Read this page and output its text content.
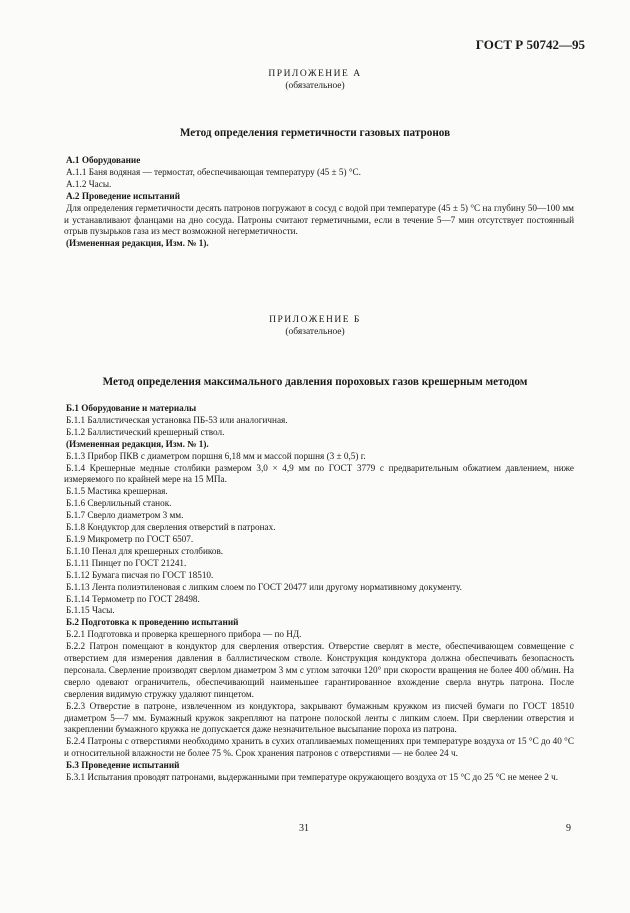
ГОСТ Р 50742—95
ПРИЛОЖЕНИЕ А
(обязательное)
Метод определения герметичности газовых патронов

А.1 Оборудование

А.1.1 Баня водяная — термостат, обеспечивающая температуру (45 ± 5) °С.

А.1.2 Часы.

А.2 Проведение испытаний

Для определения герметичности десять патронов погружают в сосуд с водой при температуре (45 ± 5) °С на глубину 50—100 мм и устанавливают фланцами на дно сосуда. Патроны считают герметичными, если в течение 5—7 мин отсутствует постоянный отрыв пузырьков газа из мест возможной негерметичности.

(Измененная редакция, Изм. № 1).

ПРИЛОЖЕНИЕ Б
(обязательное)
Метод определения максимального давления пороховых газов крешерным методом

Б.1 Оборудование и материалы

Б.1.1 Баллистическая установка ПБ-53 или аналогичная.

Б.1.2 Баллистический крешерный ствол.

(Измененная редакция, Изм. № 1).

Б.1.3 Прибор ПКВ с диаметром поршня 6,18 мм и массой поршня (3 ± 0,5) г.

Б.1.4 Крешерные медные столбики размером 3,0 × 4,9 мм по ГОСТ 3779 с предварительным обжатием давлением, ниже измеряемого по крайней мере на 15 МПа.

Б.1.5 Мастика крешерная.

Б.1.6 Сверлильный станок.

Б.1.7 Сверло диаметром 3 мм.

Б.1.8 Кондуктор для сверления отверстий в патронах.

Б.1.9 Микрометр по ГОСТ 6507.

Б.1.10 Пенал для крешерных столбиков.

Б.1.11 Пинцет по ГОСТ 21241.

Б.1.12 Бумага писчая по ГОСТ 18510.

Б.1.13 Лента полиэтиленовая с липким слоем по ГОСТ 20477 или другому нормативному документу.

Б.1.14 Термометр по ГОСТ 28498.

Б.1.15 Часы.

Б.2 Подготовка к проведению испытаний

Б.2.1 Подготовка и проверка крешерного прибора — по НД.

Б.2.2 Патрон помещают в кондуктор для сверления отверстия. Отверстие сверлят в месте, обеспечивающем совмещение с отверстием для измерения давления в баллистическом стволе. Конструкция кондуктора должна обеспечивать безопасность персонала. Сверление производят сверлом диаметром 3 мм с углом заточки 120° при скорости вращения не более 400 об/мин. На сверло одевают ограничитель, обеспечивающий наименьшее гарантированное вхождение сверла внутрь патрона. После сверления видимую стружку удаляют пинцетом.

Б.2.3 Отверстие в патроне, извлеченном из кондуктора, закрывают бумажным кружком из писчей бумаги по ГОСТ 18510 диаметром 5—7 мм. Бумажный кружок закрепляют на патроне полоской ленты с липким слоем. При сверлении отверстия и закреплении бумажного кружка не допускается даже незначительное высыпание пороха из патрона.

Б.2.4 Патроны с отверстиями необходимо хранить в сухих отапливаемых помещениях при температуре воздуха от 15 °С до 40 °С и относительной влажности не более 75 %. Срок хранения патронов с отверстиями — не более 24 ч.

Б.3 Проведение испытаний

Б.3.1 Испытания проводят патронами, выдержанными при температуре окружающего воздуха от 15 °С до 25 °С не менее 2 ч.

31	9
